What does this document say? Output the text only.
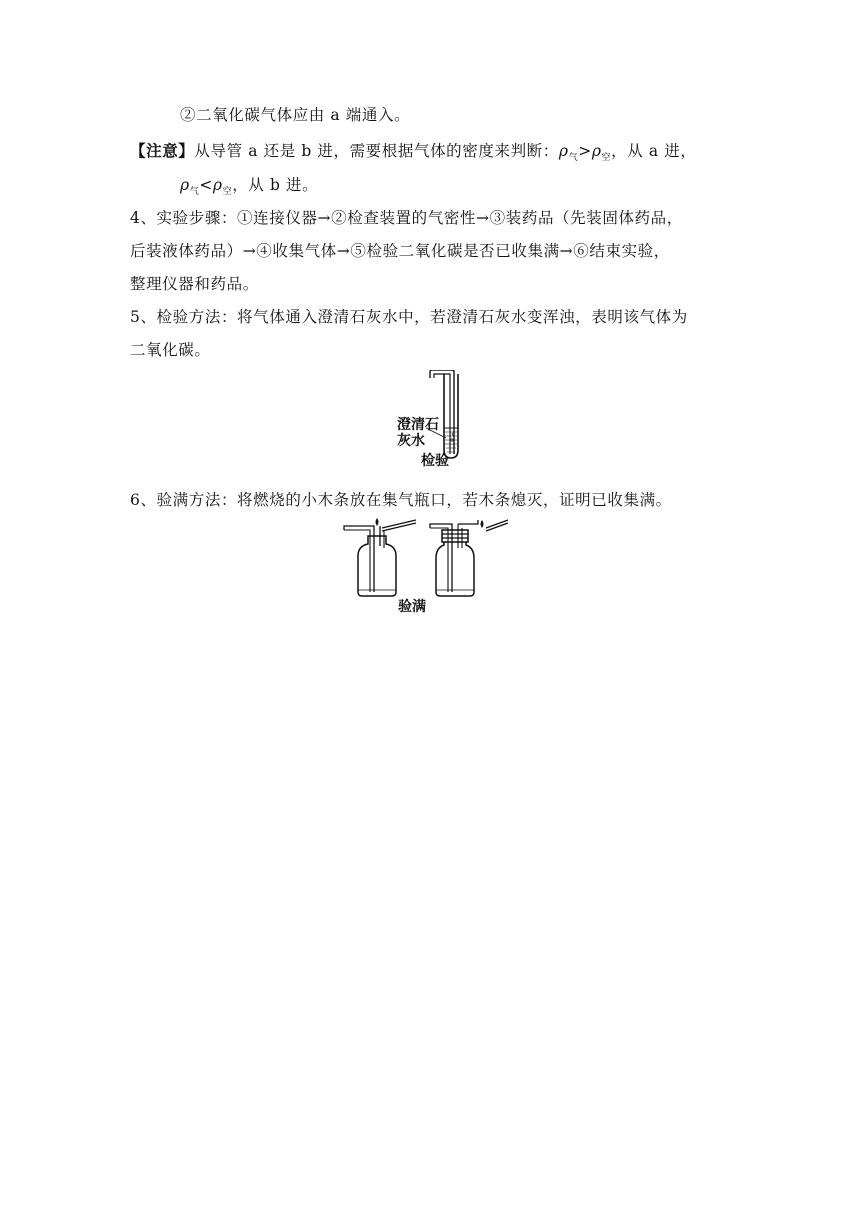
②二氧化碳气体应由 a 端通入。
【注意】从导管 a 还是 b 进，需要根据气体的密度来判断：$\rho_气>\rho_空$，从 a 进，
$\rho_气<\rho_空$，从 b 进。
4、实验步骤：①连接仪器→②检查装置的气密性→③装药品（先装固体药品，
后装液体药品）→④收集气体→⑤检验二氧化碳是否已收集满→⑥结束实验，
整理仪器和药品。
5、检验方法：将气体通入澄清石灰水中，若澄清石灰水变浑浊，表明该气体为
二氧化碳。
澄清石
灰水
检验
6、验满方法：将燃烧的小木条放在集气瓶口，若木条熄灭，证明已收集满。
验满
